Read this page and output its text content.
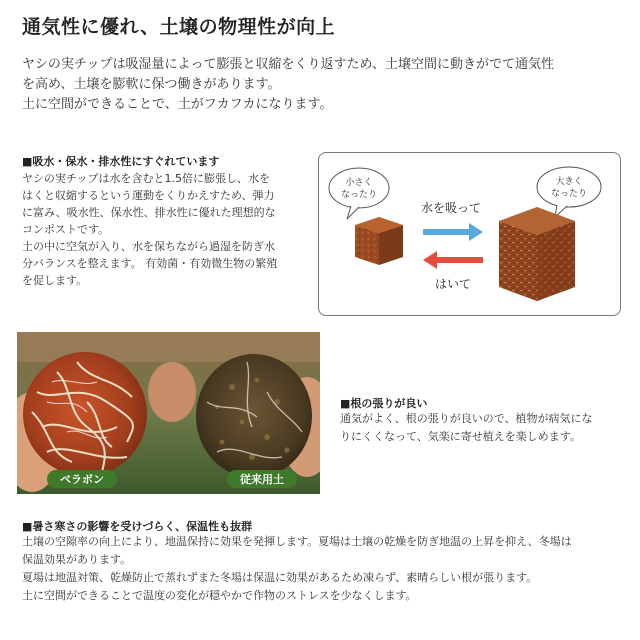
通気性に優れ、土壌の物理性が向上
ヤシの実チップは吸湿量によって膨張と収縮をくり返すため、土壌空間に動きがでて通気性
を高め、土壌を膨軟に保つ働きがあります。
土に空間ができることで、土がフカフカになります。
■吸水・保水・排水性にすぐれています
ヤシの実チップは水を含むと1.5倍に膨張し、水を
はくと収縮するという運動をくりかえすため、弾力
に富み、吸水性、保水性、排水性に優れた理想的な
コンポストです。
土の中に空気が入り、水を保ちながら過湿を防ぎ水
分バランスを整えます。 有効菌・有効微生物の繁殖
を促します。
小さく
なったり
大きく
なったり
水を吸って
はいて
ベラボン	従来用土
■根の張りが良い
通気がよく、根の張りが良いので、植物が病気にな
りにくくなって、気楽に寄せ植えを楽しめます。
■暑さ寒さの影響を受けづらく、保温性も抜群
土壌の空隙率の向上により、地温保持に効果を発揮します。夏場は土壌の乾燥を防ぎ地温の上昇を抑え、冬場は
保温効果があります。
夏場は地温対策、乾燥防止で蒸れずまた冬場は保温に効果があるため凍らず、素晴らしい根が張ります。
土に空間ができることで温度の変化が穏やかで作物のストレスを少なくします。
